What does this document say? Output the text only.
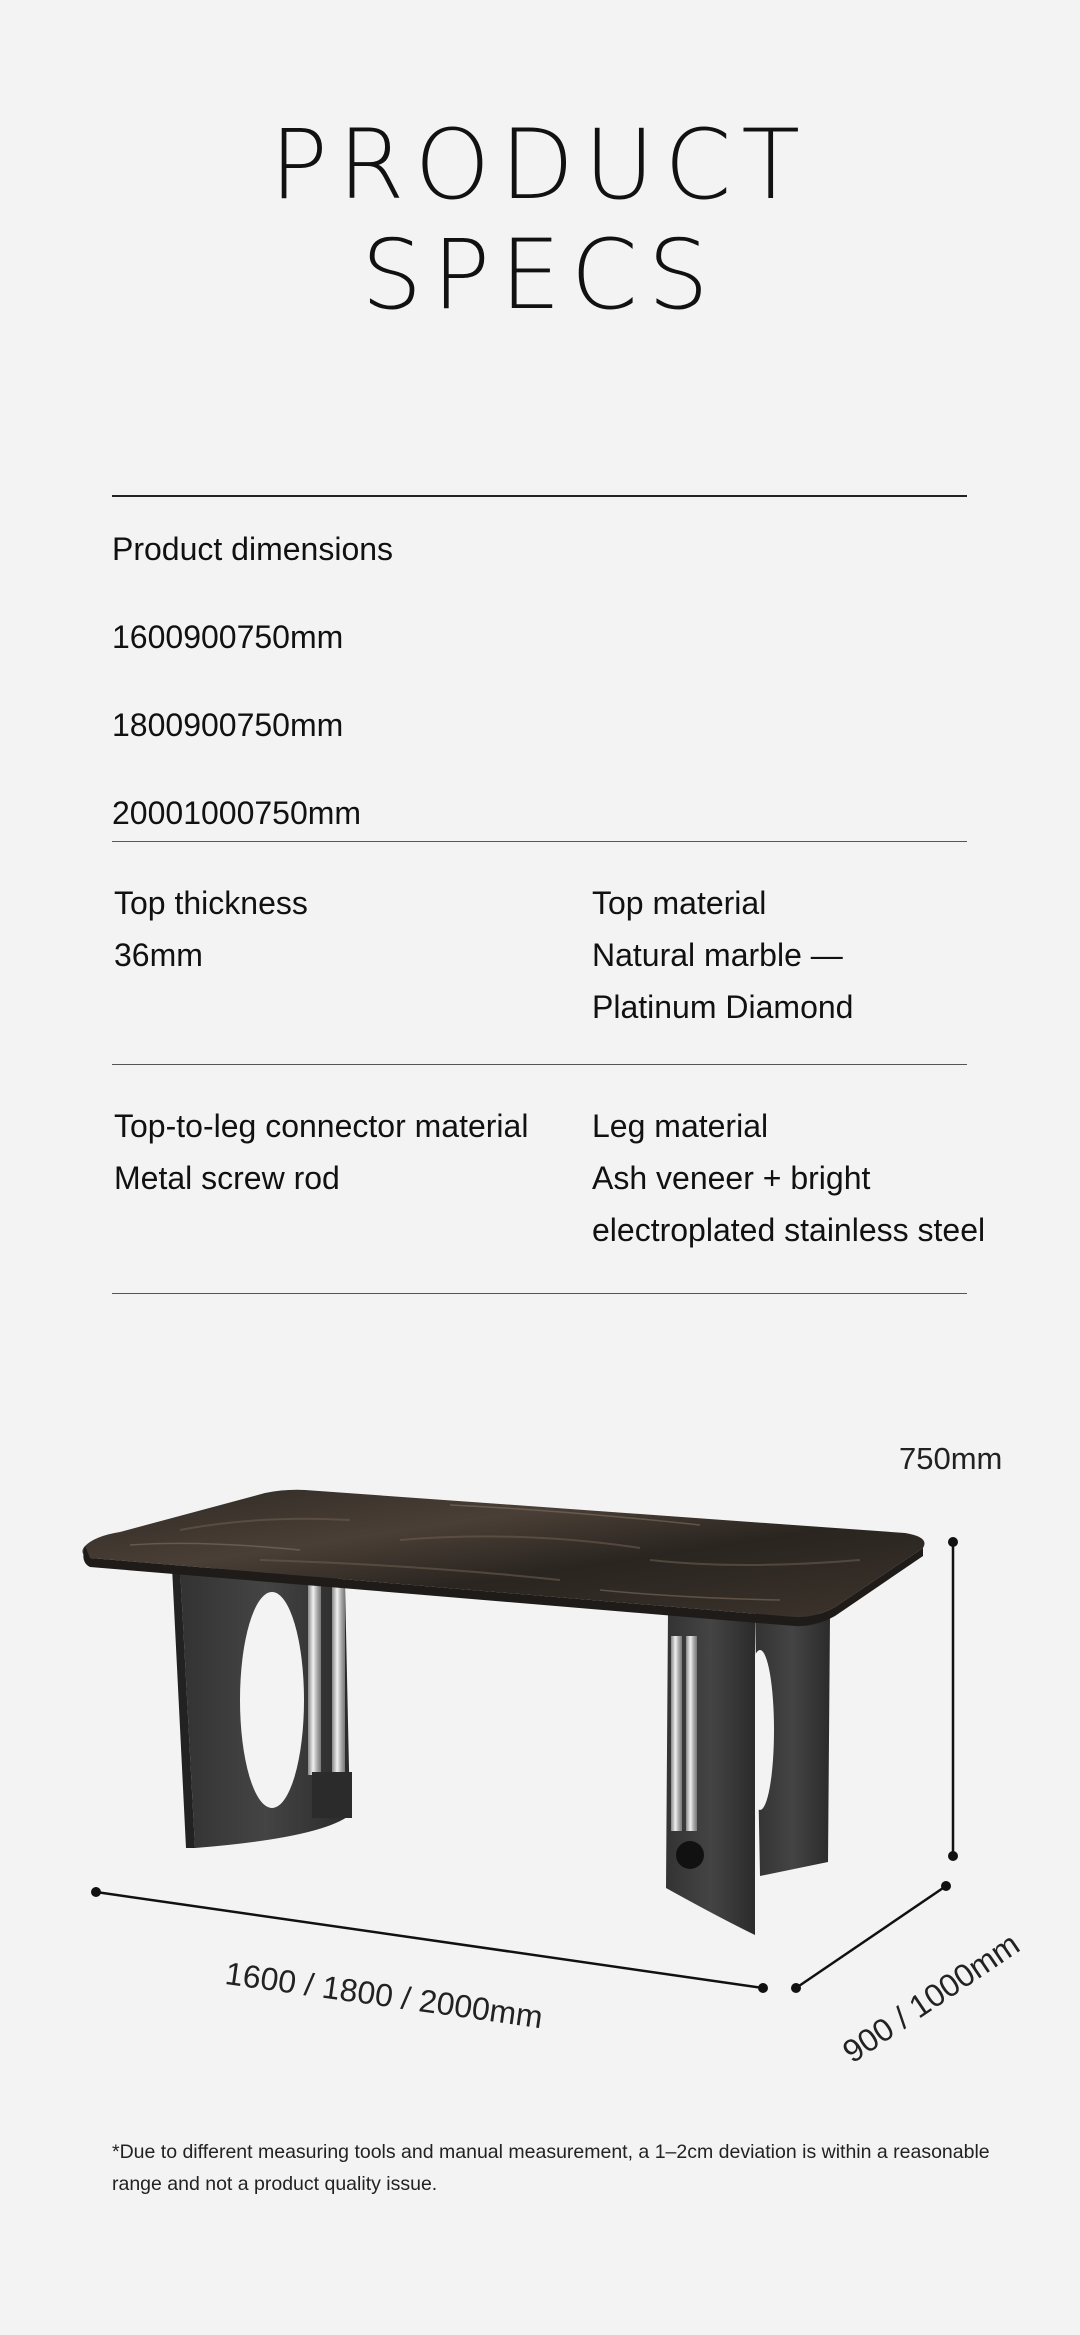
PRODUCT
SPECS
Product dimensions
1600900750mm
1800900750mm
20001000750mm
Top thickness
36mm
Top material
Natural marble —
Platinum Diamond
Top-to-leg connector material
Metal screw rod
Leg material
Ash veneer + bright
electroplated stainless steel
750mm
1600 / 1800 / 2000mm	900 / 1000mm
*Due to different measuring tools and manual measurement, a 1–2cm deviation is within a reasonable range and not a product quality issue.
